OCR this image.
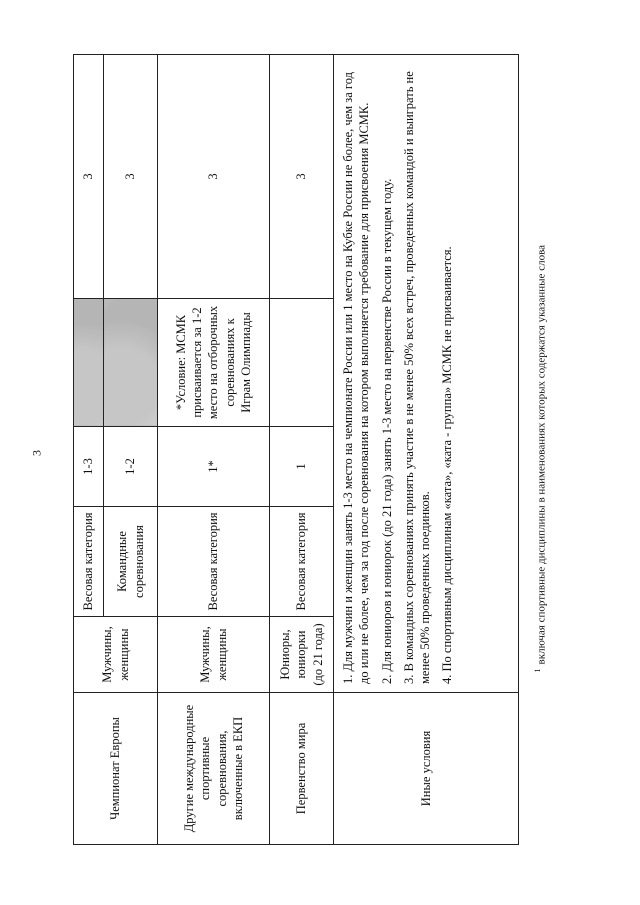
3
Чемпионат Европы	Мужчины, женщины	Весовая категория	1-3		3
		Командные соревнования	1-2		3
Другие международные спортивные соревнования, включенные в ЕКП	Мужчины, женщины	Весовая категория	1*	*Условие: МСМК присваивается за 1-2 место на отборочных соревнованиях к Играм Олимпиады	3
Первенство мира	Юниоры, юниорки (до 21 года)	Весовая категория	1		3
Иные условия	1. Для мужчин и женщин занять 1-3 место на чемпионате России или 1 место на Кубке России не более, чем за год до или не более, чем за год после соревнования на котором выполняется требование для присвоения МСМК. 2. Для юниоров и юниорок (до 21 года) занять 1-3 место на первенстве России в текущем году. 3. В командных соревнованиях принять участие в не менее 50% всех встреч, проведенных командой и выиграть не менее 50% проведенных поединков. 4. По спортивным дисциплинам «ката», «ката - группа» МСМК не присваивается.					$^1$включая спортивные дисциплины в наименованиях которых содержатся указанные слова
